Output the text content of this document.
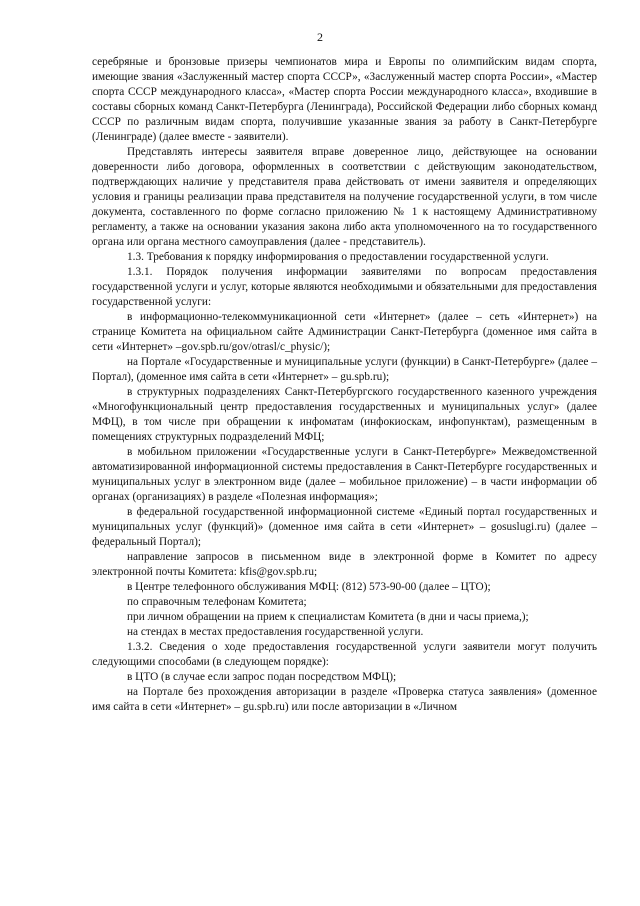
2

серебряные и бронзовые призеры чемпионатов мира и Европы по олимпийским видам спорта, имеющие звания «Заслуженный мастер спорта СССР», «Заслуженный мастер спорта России», «Мастер спорта СССР международного класса», «Мастер спорта России международного класса», входившие в составы сборных команд Санкт-Петербурга (Ленинграда), Российской Федерации либо сборных команд СССР по различным видам спорта, получившие указанные звания за работу в Санкт-Петербурге (Ленинграде) (далее вместе - заявители).

Представлять интересы заявителя вправе доверенное лицо, действующее на основании доверенности либо договора, оформленных в соответствии с действующим законодательством, подтверждающих наличие у представителя права действовать от имени заявителя и определяющих условия и границы реализации права представителя на получение государственной услуги, в том числе документа, составленного по форме согласно приложению № 1 к настоящему Административному регламенту, а также на основании указания закона либо акта уполномоченного на то государственного органа или органа местного самоуправления (далее - представитель).

1.3. Требования к порядку информирования о предоставлении государственной услуги.

1.3.1. Порядок получения информации заявителями по вопросам предоставления государственной услуги и услуг, которые являются необходимыми и обязательными для предоставления государственной услуги:

в информационно-телекоммуникационной сети «Интернет» (далее – сеть «Интернет») на странице Комитета на официальном сайте Администрации Санкт-Петербурга (доменное имя сайта в сети «Интернет» –gov.spb.ru/gov/otrasl/c_physic/);

на Портале «Государственные и муниципальные услуги (функции) в Санкт-Петербурге» (далее – Портал), (доменное имя сайта в сети «Интернет» – gu.spb.ru);

в структурных подразделениях Санкт-Петербургского государственного казенного учреждения «Многофункциональный центр предоставления государственных и муниципальных услуг» (далее МФЦ), в том числе при обращении к инфоматам (инфокиоскам, инфопунктам), размещенным в помещениях структурных подразделений МФЦ;

в мобильном приложении «Государственные услуги в Санкт-Петербурге» Межведомственной автоматизированной информационной системы предоставления в Санкт-Петербурге государственных и муниципальных услуг в электронном виде (далее – мобильное приложение) – в части информации об органах (организациях) в разделе «Полезная информация»;

в федеральной государственной информационной системе «Единый портал государственных и муниципальных услуг (функций)» (доменное имя сайта в сети «Интернет» – gosuslugi.ru) (далее – федеральный Портал);

направление запросов в письменном виде в электронной форме в Комитет по адресу электронной почты Комитета: kfis@gov.spb.ru;

в Центре телефонного обслуживания МФЦ: (812) 573-90-00 (далее – ЦТО);

по справочным телефонам Комитета;

при личном обращении на прием к специалистам Комитета (в дни и часы приема,);

на стендах в местах предоставления государственной услуги.

1.3.2. Сведения о ходе предоставления государственной услуги заявители могут получить следующими способами (в следующем порядке):

в ЦТО (в случае если запрос подан посредством МФЦ);

на Портале без прохождения авторизации в разделе «Проверка статуса заявления» (доменное имя сайта в сети «Интернет» – gu.spb.ru) или после авторизации в «Личном
